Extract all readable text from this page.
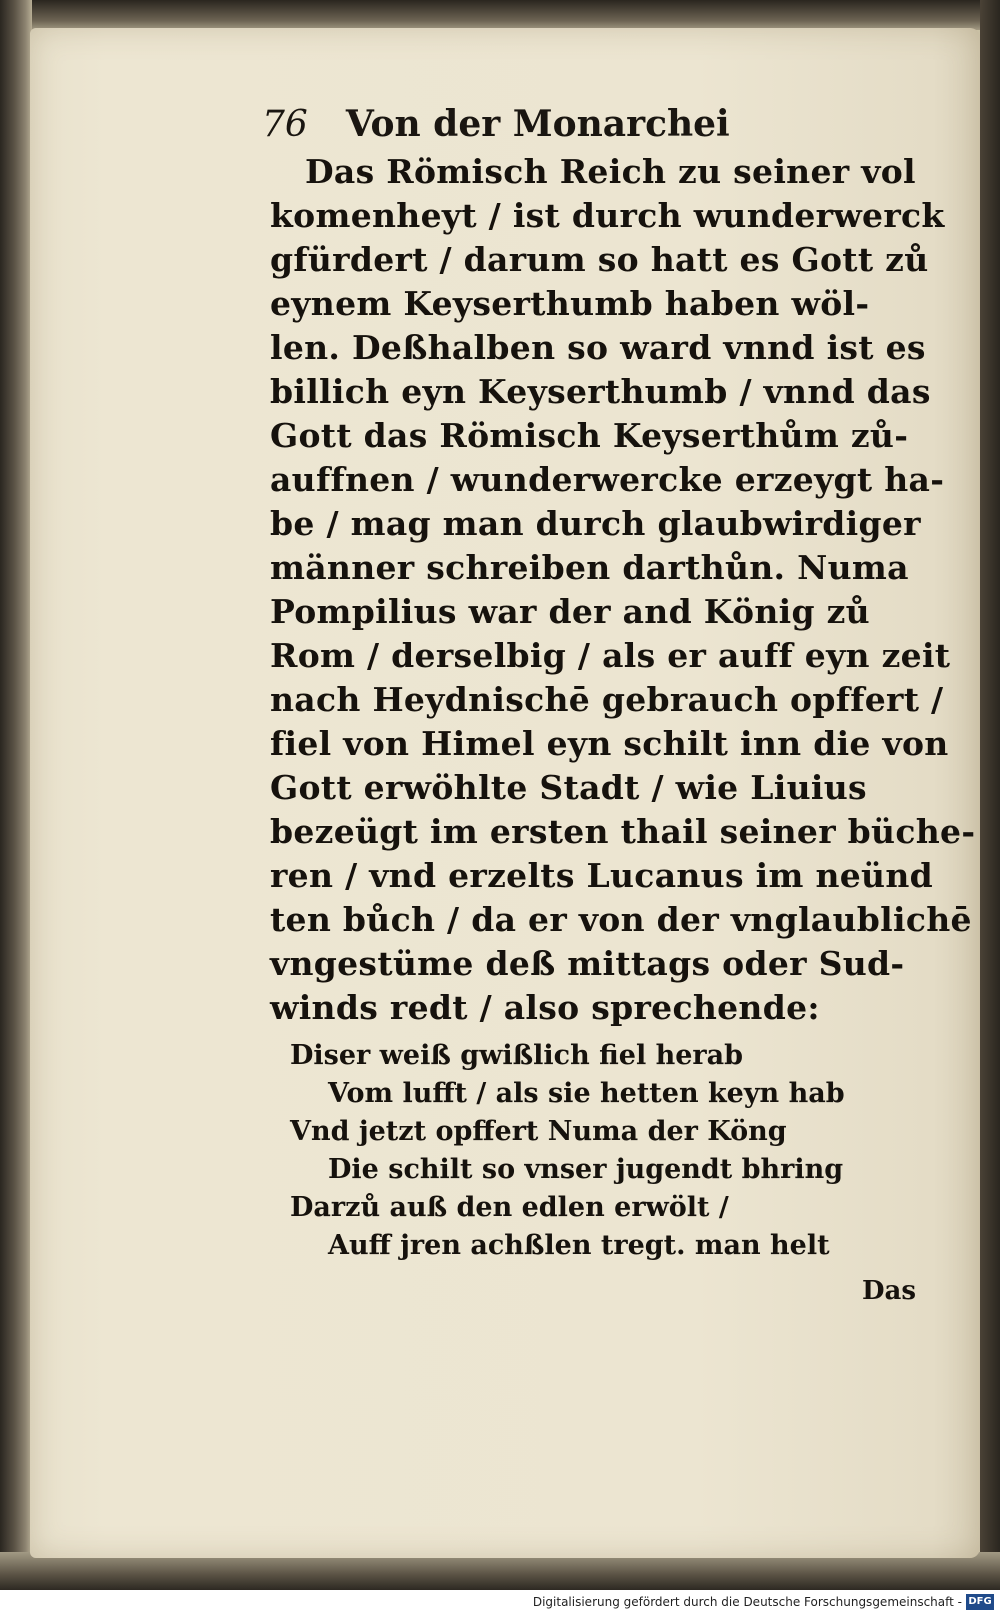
76 Von der Monarchei
Das Römisch Reich zu seiner vol
komenheyt / ist durch wunderwerck
gfürdert / darum so hatt es Gott zů
eynem Keyserthumb haben wöl-
len. Deßhalben so ward vnnd ist es
billich eyn Keyserthumb / vnnd das
Gott das Römisch Keyserthům zů-
auffnen / wunderwercke erzeygt ha-
be / mag man durch glaubwirdiger
männer schreiben darthůn. Numa
Pompilius war der and König zů
Rom / derselbig / als er auff eyn zeit
nach Heydnischē gebrauch opffert /
fiel von Himel eyn schilt inn die von
Gott erwöhlte Stadt / wie Liuius
bezeügt im ersten thail seiner büche-
ren / vnd erzelts Lucanus im neünd
ten bůch / da er von der vnglaublichē
vngestüme deß mittags oder Sud-
winds redt / also sprechende:
Diser weiß gwißlich fiel herab
Vom lufft / als sie hetten keyn hab
Vnd jetzt opffert Numa der Köng
Die schilt so vnser jugendt bhring
Darzů auß den edlen erwölt /
Auff jren achßlen tregt. man helt
Das
Digitalisierung gefördert durch die Deutsche Forschungsgemeinschaft - DFG
